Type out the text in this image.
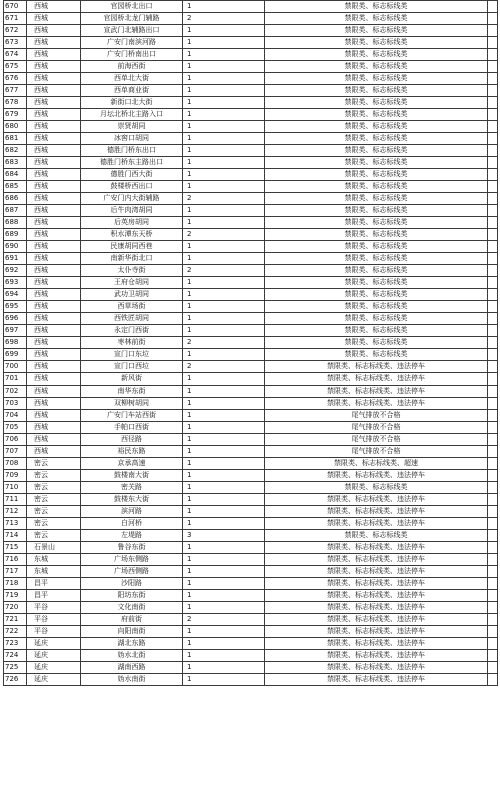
670	西城	官园桥北出口	1	禁限类、标志标线类	
671	西城	官园桥北龙门辅路	2	禁限类、标志标线类	
672	西城	宣武门北辅路出口	1	禁限类、标志标线类	
673	西城	广安门南滨河路	1	禁限类、标志标线类	
674	西城	广安门桥南出口	1	禁限类、标志标线类	
675	西城	前海西街	1	禁限类、标志标线类	
676	西城	西单北大街	1	禁限类、标志标线类	
677	西城	西单商业街	1	禁限类、标志标线类	
678	西城	新街口北大街	1	禁限类、标志标线类	
679	西城	月坛北桥北主路入口	1	禁限类、标志标线类	
680	西城	崇贤胡同	1	禁限类、标志标线类	
681	西城	冰窖口胡同	1	禁限类、标志标线类	
682	西城	德胜门桥东出口	1	禁限类、标志标线类	
683	西城	德胜门桥东主路出口	1	禁限类、标志标线类	
684	西城	德胜门西大街	1	禁限类、标志标线类	
685	西城	鼓楼桥西出口	1	禁限类、标志标线类	
686	西城	广安门内大街辅路	2	禁限类、标志标线类	
687	西城	后牛肉湾胡同	1	禁限类、标志标线类	
688	西城	后英房胡同	1	禁限类、标志标线类	
689	西城	积水潭东天桥	2	禁限类、标志标线类	
690	西城	民康胡同西巷	1	禁限类、标志标线类	
691	西城	南新华街北口	1	禁限类、标志标线类	
692	西城	太仆寺街	2	禁限类、标志标线类	
693	西城	王府仓胡同	1	禁限类、标志标线类	
694	西城	武功卫胡同	1	禁限类、标志标线类	
695	西城	西草场街	1	禁限类、标志标线类	
696	西城	西铁匠胡同	1	禁限类、标志标线类	
697	西城	永定门西街	1	禁限类、标志标线类	
698	西城	枣林前街	2	禁限类、标志标线类	
699	西城	宣门口东垃	1	禁限类、标志标线类	
700	西城	宣门口西垃	2	禁限类、标志标线类、违法停车	
701	西城	新风街	1	禁限类、标志标线类、违法停车	
702	西城	南华东街	1	禁限类、标志标线类、违法停车	
703	西城	双柳树胡同	1	禁限类、标志标线类、违法停车	
704	西城	广安门车站西街	1	尾气排放不合格	
705	西城	手帕口西街	1	尾气排放不合格	
706	西城	西径路	1	尾气排放不合格	
707	西城	裕民东路	1	尾气排放不合格	
708	密云	京承高速	1	禁限类、标志标线类、超速	
709	密云	鼓楼南大街	1	禁限类、标志标线类、违法停车	
710	密云	密关路	1	禁限类、标志标线类	
711	密云	鼓楼东大街	1	禁限类、标志标线类、违法停车	
712	密云	滨河路	1	禁限类、标志标线类、违法停车	
713	密云	白河桥	1	禁限类、标志标线类、违法停车	
714	密云	左堤路	3	禁限类、标志标线类	
715	石景山	鲁谷东街	1	禁限类、标志标线类、违法停车	
716	东城	广场东侧路	1	禁限类、标志标线类、违法停车	
717	东城	广场西侧路	1	禁限类、标志标线类、违法停车	
718	昌平	沙阳路	1	禁限类、标志标线类、违法停车	
719	昌平	阳坊东街	1	禁限类、标志标线类、违法停车	
720	平谷	文化南街	1	禁限类、标志标线类、违法停车	
721	平谷	府前街	2	禁限类、标志标线类、违法停车	
722	平谷	向阳南街	1	禁限类、标志标线类、违法停车	
723	延庆	湖北东路	1	禁限类、标志标线类、违法停车	
724	延庆	妫水北街	1	禁限类、标志标线类、违法停车	
725	延庆	湖南西路	1	禁限类、标志标线类、违法停车	
726	延庆	妫水南街	1	禁限类、标志标线类、违法停车	
